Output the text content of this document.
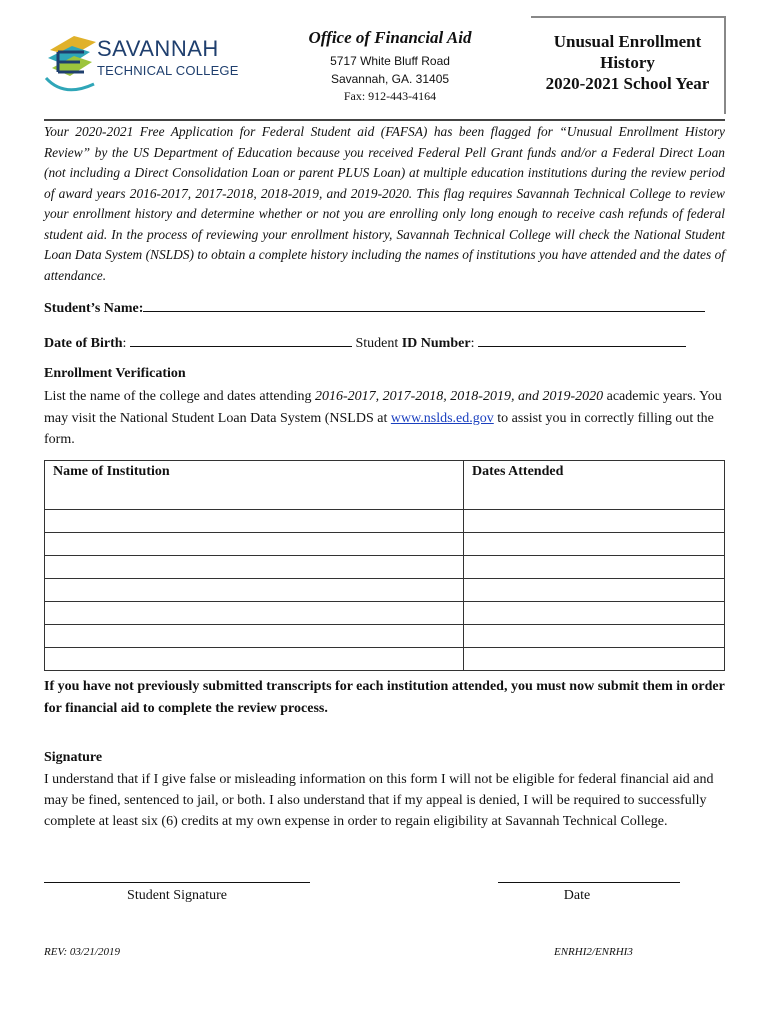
SAVANNAH
TECHNICAL COLLEGE
Office of Financial Aid
5717 White Bluff Road
Savannah, GA. 31405
Fax: 912-443-4164
Unusual Enrollment
History
2020-2021 School Year
Your 2020-2021 Free Application for Federal Student aid (FAFSA) has been flagged for “Unusual Enrollment History Review” by the US Department of Education because you received Federal Pell Grant funds and/or a Federal Direct Loan (not including a Direct Consolidation Loan or parent PLUS Loan) at multiple education institutions during the review period of award years 2016-2017, 2017-2018, 2018-2019, and 2019-2020. This flag requires Savannah Technical College to review your enrollment history and determine whether or not you are enrolling only long enough to receive cash refunds of federal student aid. In the process of reviewing your enrollment history, Savannah Technical College will check the National Student Loan Data System (NSLDS) to obtain a complete history including the names of institutions you have attended and the dates of attendance.
Student’s Name:
Date of Birth:	Student ID Number:
Enrollment Verification
List the name of the college and dates attending 2016-2017, 2017-2018, 2018-2019, and 2019-2020 academic years. You may visit the National Student Loan Data System (NSLDS at www.nslds.ed.gov to assist you in correctly filling out the form.
Name of Institution	Dates Attended

If you have not previously submitted transcripts for each institution attended, you must now submit them in order for financial aid to complete the review process.
Signature
I understand that if I give false or misleading information on this form I will not be eligible for federal financial aid and may be fined, sentenced to jail, or both. I also understand that if my appeal is denied, I will be required to successfully complete at least six (6) credits at my own expense in order to regain eligibility at Savannah Technical College.
Student Signature	Date
REV: 03/21/2019	ENRHI2/ENRHI3
